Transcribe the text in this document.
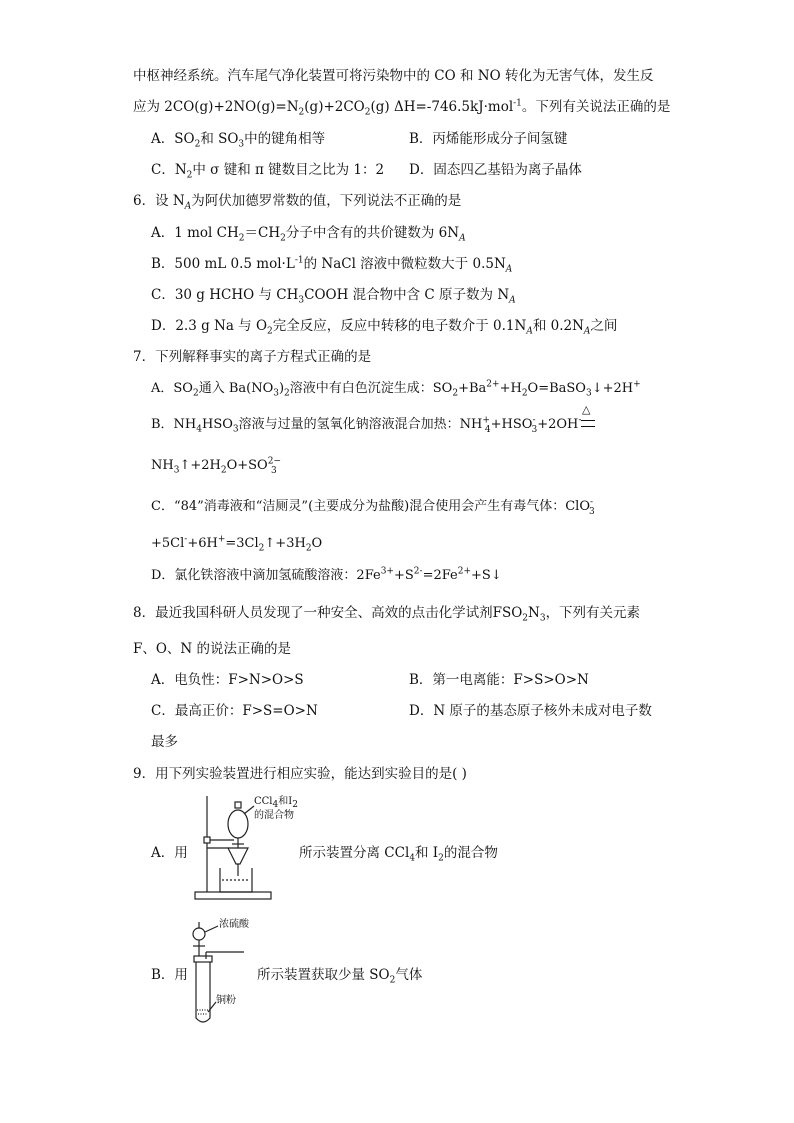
中枢神经系统。汽车尾气净化装置可将污染物中的 CO 和 NO 转化为无害气体，发生反
应为 $2CO(g)+2NO(g)=N_2(g)+2CO_2(g)$ ΔH=-746.5kJ·mol$^{-1}$。下列有关说法正确的是
A．$SO_2$和 $SO_3$中的键角相等	B．丙烯能形成分子间氢键
C．$N_2$中 σ 键和 π 键数目之比为 1：2 D．固态四乙基铅为离子晶体
6．设 $N_A$为阿伏加德罗常数的值，下列说法不正确的是
A．1 mol $CH_2=CH_2$分子中含有的共价键数为 $6N_A$
B．500 mL 0.5 $mol\cdot L^{-1}$的 NaCl 溶液中微粒数大于 $0.5N_A$
C．30 g HCHO 与 $CH_3COOH$ 混合物中含 C 原子数为 $N_A$
D．2.3 g Na 与 $O_2$完全反应，反应中转移的电子数介于 $0.1N_A$和 $0.2N_A$之间
7．下列解释事实的离子方程式正确的是
A．$SO_2$通入 $Ba(NO_3)_2$溶液中有白色沉淀生成：$SO_2+Ba^{2+}+H_2O=BaSO_3↓+2H^+$
B．$NH_4HSO_3$溶液与过量的氢氧化钠溶液混合加热：$NH^+_4+HSO^-_3+2OH^-$
△
$NH_3↑+2H_2O+SO^{2-}_3$
C．“84”消毒液和“洁厕灵”(主要成分为盐酸)混合使用会产生有毒气体：ClO-$_3$
$+5Cl^-+6H^+=3Cl_2↑+3H_2O$
D．氯化铁溶液中滴加氢硫酸溶液：$2Fe^{3+}+S^{2-}=2Fe^{2+}+S↓$
8．最近我国科研人员发现了一种安全、高效的点击化学试剂$FSO_2N_3$，下列有关元素
F、O、N 的说法正确的是
A．电负性：F>N>O>S	B．第一电离能：F>S>O>N
C．最高正价：F>S=O>N	D．N 原子的基态原子核外未成对电子数
最多
9．用下列实验装置进行相应实验，能达到实验目的是( )
CCl$_4$和$I_2$
的混合物
A．用	所示装置分离 CCl$_4$和 $I_2$的混合物
浓硫酸
铜粉
B．用	所示装置获取少量 $SO_2$气体
